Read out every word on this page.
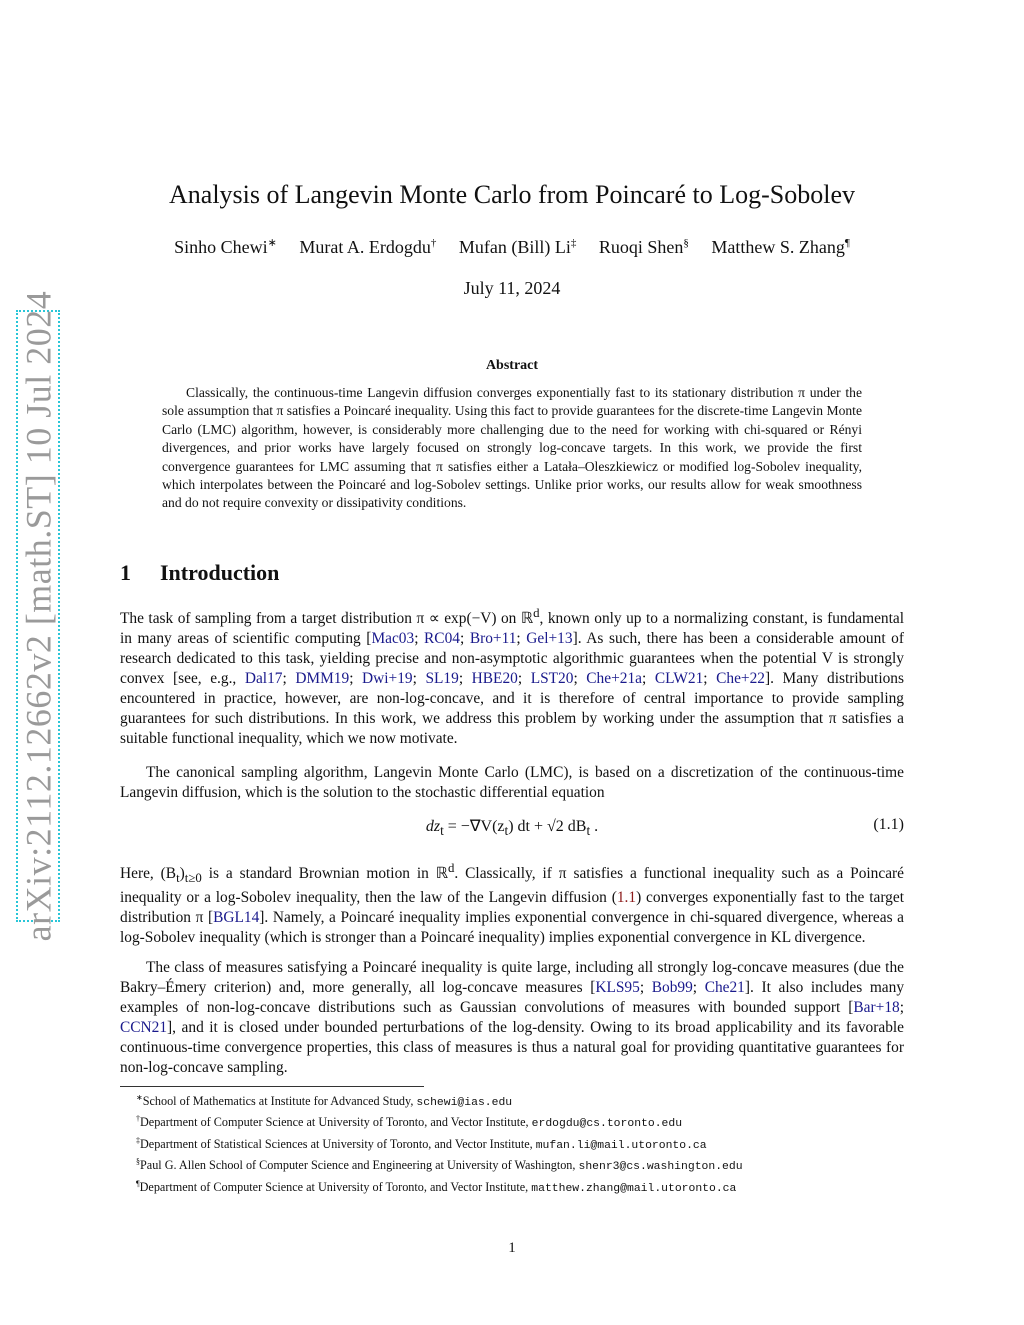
arXiv:2112.12662v2 [math.ST] 10 Jul 2024
Analysis of Langevin Monte Carlo from Poincaré to Log-Sobolev
Sinho Chewi∗ Murat A. Erdogdu† Mufan (Bill) Li‡ Ruoqi Shen§ Matthew S. Zhang¶
July 11, 2024
Abstract

Classically, the continuous-time Langevin diffusion converges exponentially fast to its stationary distribution π under the sole assumption that π satisfies a Poincaré inequality. Using this fact to provide guarantees for the discrete-time Langevin Monte Carlo (LMC) algorithm, however, is considerably more challenging due to the need for working with chi-squared or Rényi divergences, and prior works have largely focused on strongly log-concave targets. In this work, we provide the first convergence guarantees for LMC assuming that π satisfies either a Latała–Oleszkiewicz or modified log-Sobolev inequality, which interpolates between the Poincaré and log-Sobolev settings. Unlike prior works, our results allow for weak smoothness and do not require convexity or dissipativity conditions.

1 Introduction

The task of sampling from a target distribution π ∝ exp(−V) on ℝ$^d$, known only up to a normalizing constant, is fundamental in many areas of scientific computing [Mac03; RC04; Bro+11; Gel+13]. As such, there has been a considerable amount of research dedicated to this task, yielding precise and non-asymptotic algorithmic guarantees when the potential V is strongly convex [see, e.g., Dal17; DMM19; Dwi+19; SL19; HBE20; LST20; Che+21a; CLW21; Che+22]. Many distributions encountered in practice, however, are non-log-concave, and it is therefore of central importance to provide sampling guarantees for such distributions. In this work, we address this problem by working under the assumption that π satisfies a suitable functional inequality, which we now motivate.

The canonical sampling algorithm, Langevin Monte Carlo (LMC), is based on a discretization of the continuous-time Langevin diffusion, which is the solution to the stochastic differential equation

$dz_t = -\nabla V(z_t)$ dt + √2 $dB_t$ .	(1.1)

Here, $(B_t)_{t\ge 0}$ is a standard Brownian motion in ℝ$^d$. Classically, if π satisfies a functional inequality such as a Poincaré inequality or a log-Sobolev inequality, then the law of the Langevin diffusion (1.1) converges exponentially fast to the target distribution π [BGL14]. Namely, a Poincaré inequality implies exponential convergence in chi-squared divergence, whereas a log-Sobolev inequality (which is stronger than a Poincaré inequality) implies exponential convergence in KL divergence.

The class of measures satisfying a Poincaré inequality is quite large, including all strongly log-concave measures (due the Bakry–Émery criterion) and, more generally, all log-concave measures [KLS95; Bob99; Che21]. It also includes many examples of non-log-concave distributions such as Gaussian convolutions of measures with bounded support [Bar+18; CCN21], and it is closed under bounded perturbations of the log-density. Owing to its broad applicability and its favorable continuous-time convergence properties, this class of measures is thus a natural goal for providing quantitative guarantees for non-log-concave sampling.

∗School of Mathematics at Institute for Advanced Study, schewi@ias.edu
†Department of Computer Science at University of Toronto, and Vector Institute, erdogdu@cs.toronto.edu
‡Department of Statistical Sciences at University of Toronto, and Vector Institute, mufan.li@mail.utoronto.ca
§Paul G. Allen School of Computer Science and Engineering at University of Washington, shenr3@cs.washington.edu
¶Department of Computer Science at University of Toronto, and Vector Institute, matthew.zhang@mail.utoronto.ca
1
